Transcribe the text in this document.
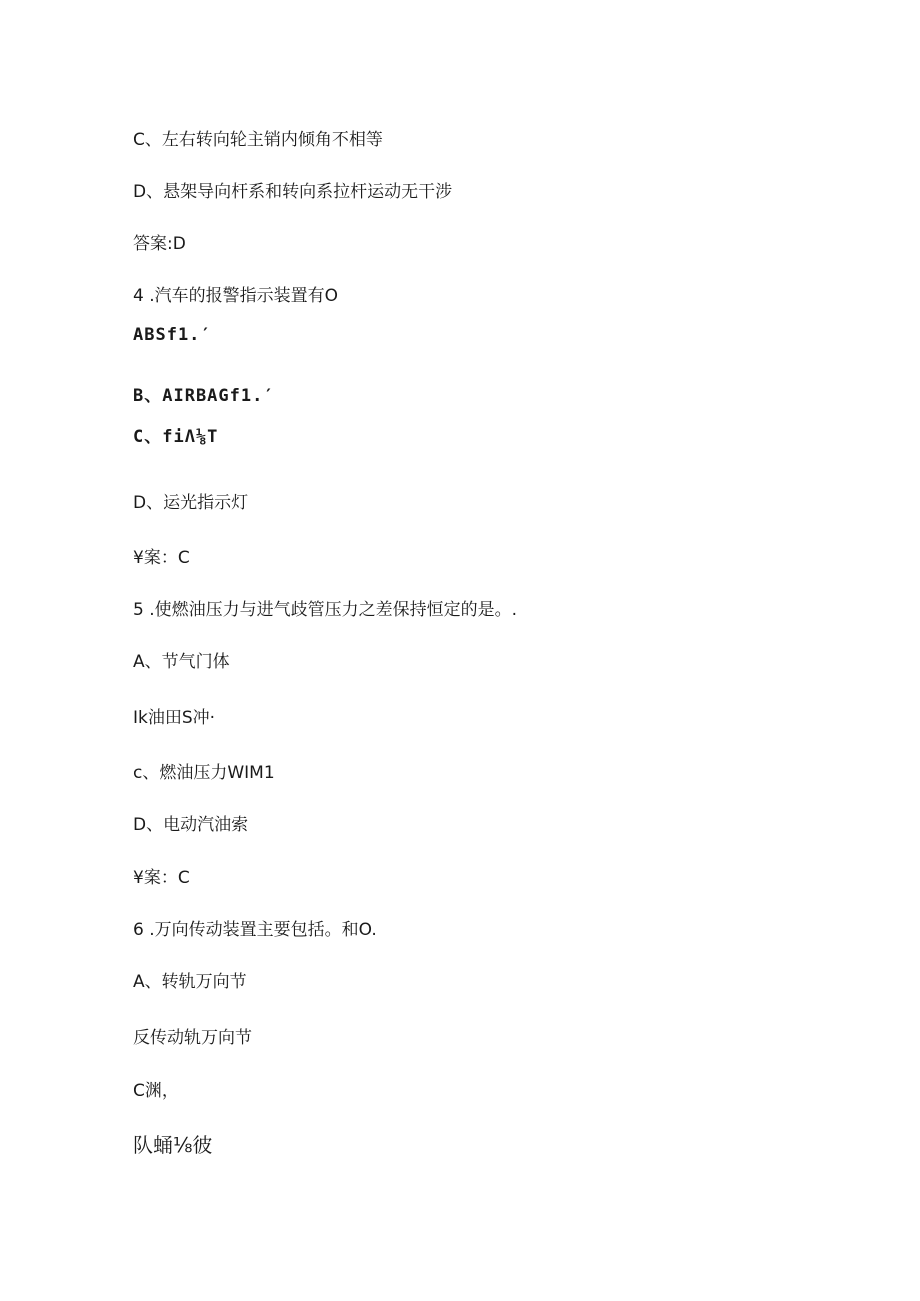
C、左右转向轮主销内倾角不相等
D、悬架导向杆系和转向系拉杆运动无干涉
答案:D
4 .汽车的报警指示装置有O
ABSf1.′
B、AIRBAGf1.′
C、fiΛ⅛T
D、运光指示灯
¥案：C
5 .使燃油压力与进气歧管压力之差保持恒定的是。.
A、节气门体
Ik油田S冲·
c、燃油压力WIM1
D、电动汽油索
¥案：C
6 .万向传动装置主要包括。和O.
A、转轨万向节
反传动轨万向节
C渊，
队蛹⅛彼
